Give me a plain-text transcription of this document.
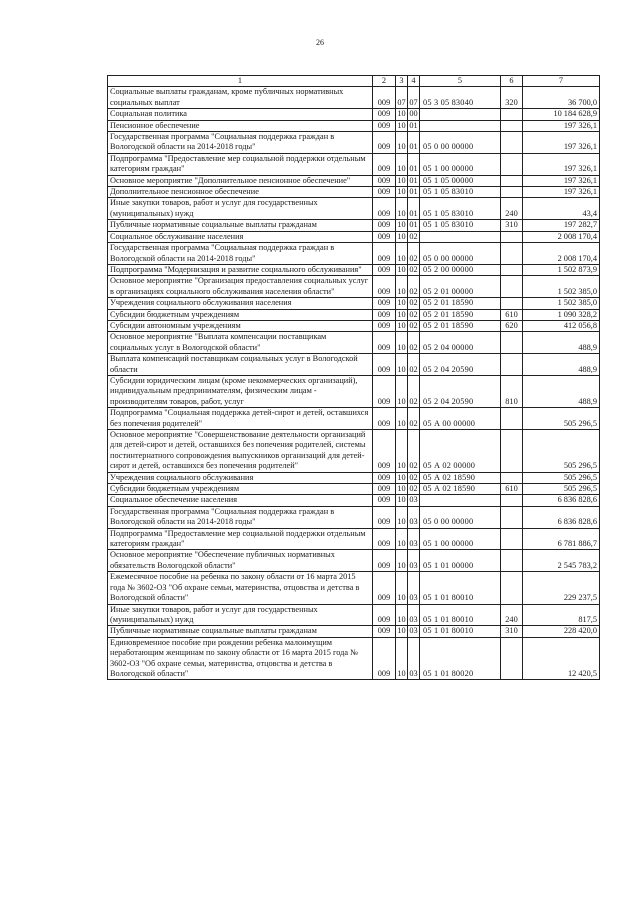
26
1	2	3	4	5	6	7
Социальные выплаты гражданам, кроме публичных нормативных социальных выплат	009	07	07	05 3 05 83040	320	36 700,0
Социальная политика	009	10	00			10 184 628,9
Пенсионное обеспечение	009	10	01			197 326,1
Государственная программа "Социальная поддержка граждан в Вологодской области на 2014-2018 годы"	009	10	01	05 0 00 00000		197 326,1
Подпрограмма "Предоставление мер социальной поддержки отдельным категориям граждан"	009	10	01	05 1 00 00000		197 326,1
Основное мероприятие "Дополнительное пенсионное обеспечение"	009	10	01	05 1 05 00000		197 326,1
Дополнительное пенсионное обеспечение	009	10	01	05 1 05 83010		197 326,1
Иные закупки товаров, работ и услуг для государственных (муниципальных) нужд	009	10	01	05 1 05 83010	240	43,4
Публичные нормативные социальные выплаты гражданам	009	10	01	05 1 05 83010	310	197 282,7
Социальное обслуживание населения	009	10	02			2 008 170,4
Государственная программа "Социальная поддержка граждан в Вологодской области на 2014-2018 годы"	009	10	02	05 0 00 00000		2 008 170,4
Подпрограмма "Модернизация и развитие социального обслуживания"	009	10	02	05 2 00 00000		1 502 873,9
Основное мероприятие "Организация предоставления социальных услуг в организациях социального обслуживания населения области"	009	10	02	05 2 01 00000		1 502 385,0
Учреждения социального обслуживания населения	009	10	02	05 2 01 18590		1 502 385,0
Субсидии бюджетным учреждениям	009	10	02	05 2 01 18590	610	1 090 328,2
Субсидии автономным учреждениям	009	10	02	05 2 01 18590	620	412 056,8
Основное мероприятие "Выплата компенсации поставщикам социальных услуг в Вологодской области"	009	10	02	05 2 04 00000		488,9
Выплата компенсаций поставщикам социальных услуг в Вологодской области	009	10	02	05 2 04 20590		488,9
Субсидии юридическим лицам (кроме некоммерческих организаций), индивидуальным предпринимателям, физическим лицам - производителям товаров, работ, услуг	009	10	02	05 2 04 20590	810	488,9
Подпрограмма "Социальная поддержка детей-сирот и детей, оставшихся без попечения родителей"	009	10	02	05 А 00 00000		505 296,5
Основное мероприятие "Совершенствование деятельности организаций для детей-сирот и детей, оставшихся без попечения родителей, системы постинтернатного сопровождения выпускников организаций для детей-сирот и детей, оставшихся без попечения родителей"	009	10	02	05 А 02 00000		505 296,5
Учреждения социального обслуживания	009	10	02	05 А 02 18590		505 296,5
Субсидии бюджетным учреждениям	009	10	02	05 А 02 18590	610	505 296,5
Социальное обеспечение населения	009	10	03			6 836 828,6
Государственная программа "Социальная поддержка граждан в Вологодской области на 2014-2018 годы"	009	10	03	05 0 00 00000		6 836 828,6
Подпрограмма "Предоставление мер социальной поддержки отдельным категориям граждан"	009	10	03	05 1 00 00000		6 781 886,7
Основное мероприятие "Обеспечение публичных нормативных обязательств Вологодской области"	009	10	03	05 1 01 00000		2 545 783,2
Ежемесячное пособие на ребенка по закону области от 16 марта 2015 года № 3602-ОЗ "Об охране семьи, материнства, отцовства и детства в Вологодской области"	009	10	03	05 1 01 80010		229 237,5
Иные закупки товаров, работ и услуг для государственных (муниципальных) нужд	009	10	03	05 1 01 80010	240	817,5
Публичные нормативные социальные выплаты гражданам	009	10	03	05 1 01 80010	310	228 420,0
Единовременное пособие при рождении ребенка малоимущим неработающим женщинам по закону области от 16 марта 2015 года № 3602-ОЗ "Об охране семьи, материнства, отцовства и детства в Вологодской области"	009	10	03	05 1 01 80020		12 420,5
